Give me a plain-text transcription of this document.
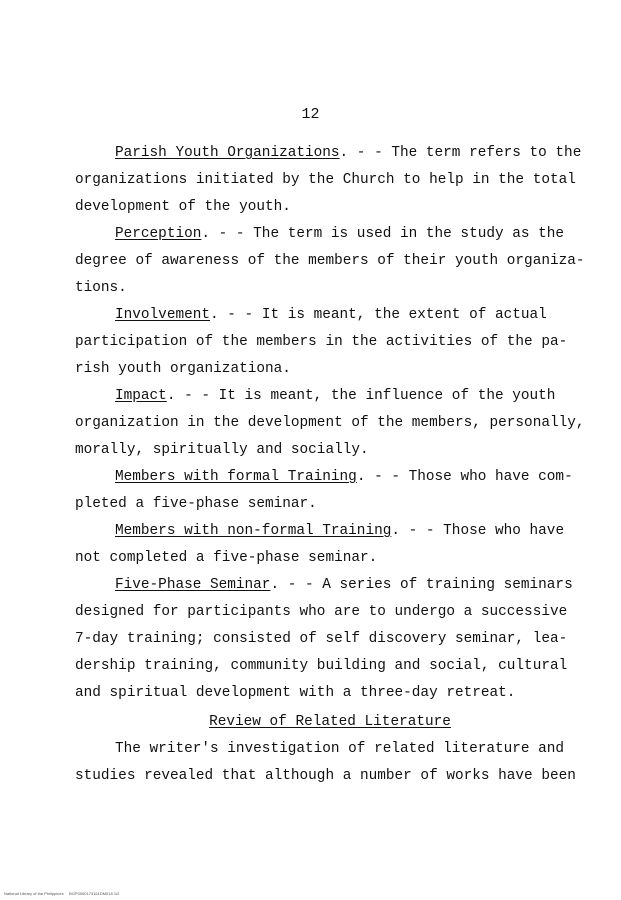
12
Parish Youth Organizations. - - The term refers to the
organizations initiated by the Church to help in the total
development of the youth.
Perception. - - The term is used in the study as the
degree of awareness of the members of their youth organiza-
tions.
Involvement. - - It is meant, the extent of actual
participation of the members in the activities of the pa-
rish youth organizationa.
Impact. - - It is meant, the influence of the youth
organization in the development of the members, personally,
morally, spiritually and socially.
Members with formal Training. - - Those who have com-
pleted a five-phase seminar.
Members with non-formal Training. - - Those who have
not completed a five-phase seminar.
Five-Phase Seminar. - - A series of training seminars
designed for participants who are to undergo a successive
7-day training; consisted of self discovery seminar, lea-
dership training, community building and social, cultural
and spiritual development with a three-day retreat.
Review of Related Literature
The writer's investigation of related literature and
studies revealed that although a number of works have been
National Library of the Philippines     BGP0000173161DM018 1/2
